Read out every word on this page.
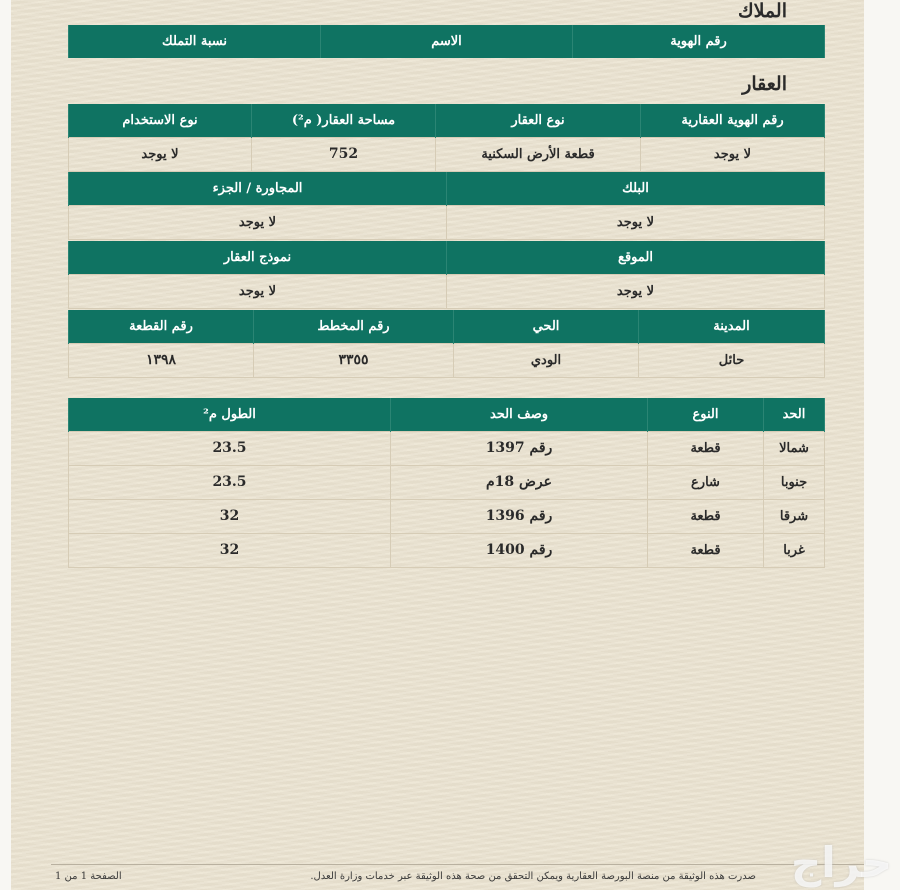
الملاك
رقم الهوية	الاسم	نسبة التملك
العقار
رقم الهوية العقارية	نوع العقار	مساحة العقار( م²)	نوع الاستخدام
لا يوجد	قطعة الأرض السكنية	752	لا يوجد
البلك	المجاورة / الجزء
لا يوجد	لا يوجد
الموقع	نموذج العقار
لا يوجد	لا يوجد
المدينة	الحي	رقم المخطط	رقم القطعة
حائل	الودي	٣٣٥٥	١٣٩٨
الحد	النوع	وصف الحد	الطول م²
شمالا	قطعة	رقم 1397	23.5
جنوبا	شارع	عرض 18م	23.5
شرقا	قطعة	رقم 1396	32
غربا	قطعة	رقم 1400	32
صدرت هذه الوثيقة من منصة البورصة العقارية ويمكن التحقق من صحة هذه الوثيقة عبر خدمات وزارة العدل.
الصفحة 1 من 1	حراج
